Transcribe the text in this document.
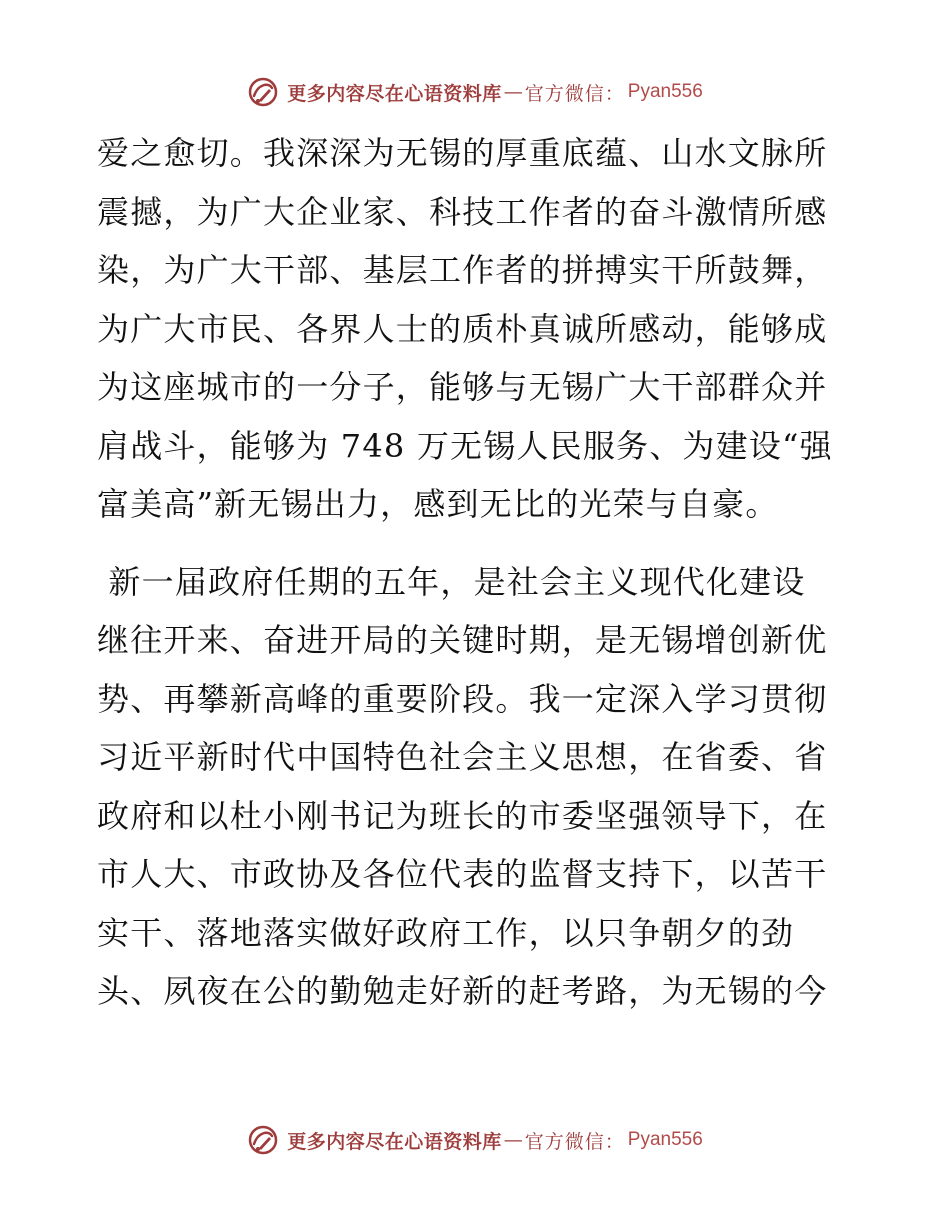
更多内容尽在心语资料库 — 官方微信 ： Pyan556
爱之愈切。我深深为无锡的厚重底蕴、山水文脉所
震撼，为广大企业家、科技工作者的奋斗激情所感
染，为广大干部、基层工作者的拼搏实干所鼓舞，
为广大市民、各界人士的质朴真诚所感动，能够成
为这座城市的一分子，能够与无锡广大干部群众并
肩战斗，能够为 748 万无锡人民服务、为建设“强
富美高”新无锡出力，感到无比的光荣与自豪。
新一届政府任期的五年，是社会主义现代化建设
继往开来、奋进开局的关键时期，是无锡增创新优
势、再攀新高峰的重要阶段。我一定深入学习贯彻
习近平新时代中国特色社会主义思想，在省委、省
政府和以杜小刚书记为班长的市委坚强领导下，在
市人大、市政协及各位代表的监督支持下，以苦干
实干、落地落实做好政府工作，以只争朝夕的劲
头、夙夜在公的勤勉走好新的赶考路，为无锡的今
更多内容尽在心语资料库 — 官方微信 ： Pyan556
